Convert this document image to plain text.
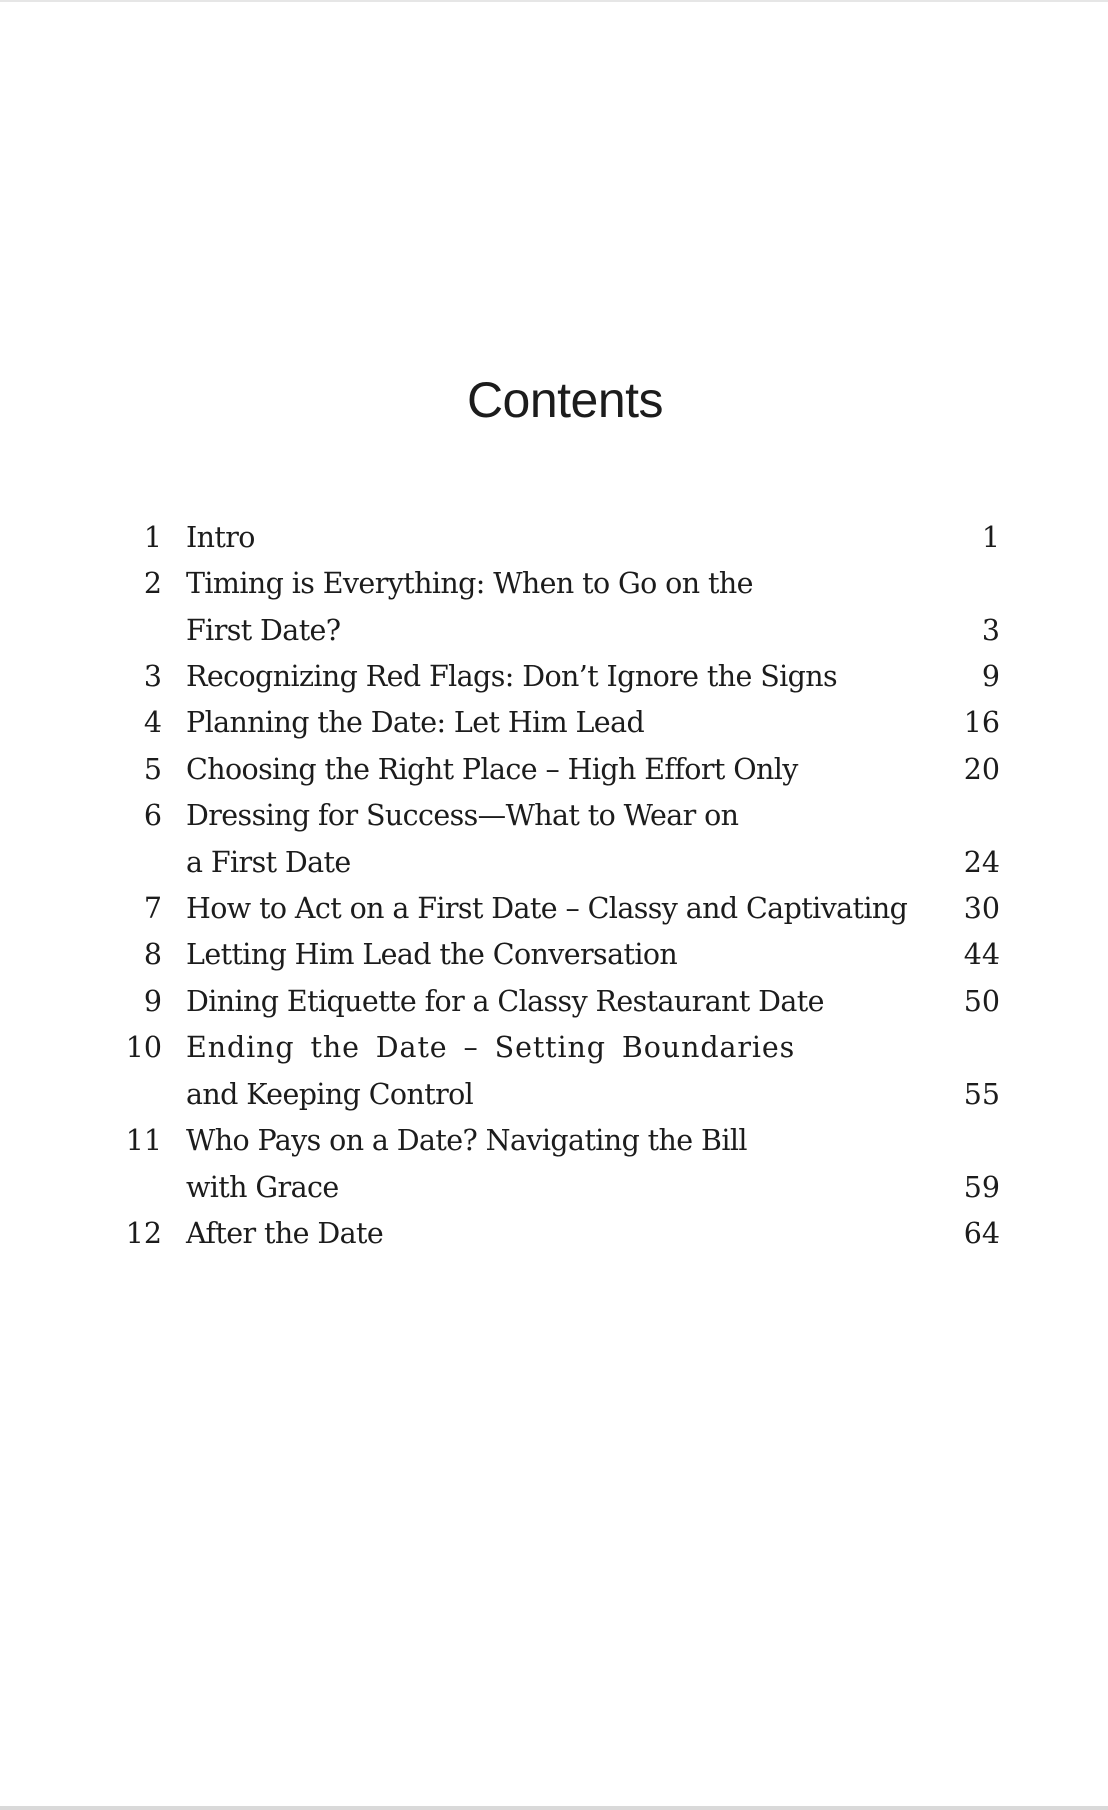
Contents
1 Intro	1
2 Timing is Everything: When to Go on the
First Date?	3
3 Recognizing Red Flags: Don’t Ignore the Signs	9
4 Planning the Date: Let Him Lead	16
5 Choosing the Right Place – High Effort Only	20
6 Dressing for Success—What to Wear on
a First Date	24
7 How to Act on a First Date – Classy and Captivating	30
8 Letting Him Lead the Conversation	44
9 Dining Etiquette for a Classy Restaurant Date	50
10 Ending the Date – Setting Boundaries
and Keeping Control	55
11 Who Pays on a Date? Navigating the Bill
with Grace	59
12 After the Date	64
